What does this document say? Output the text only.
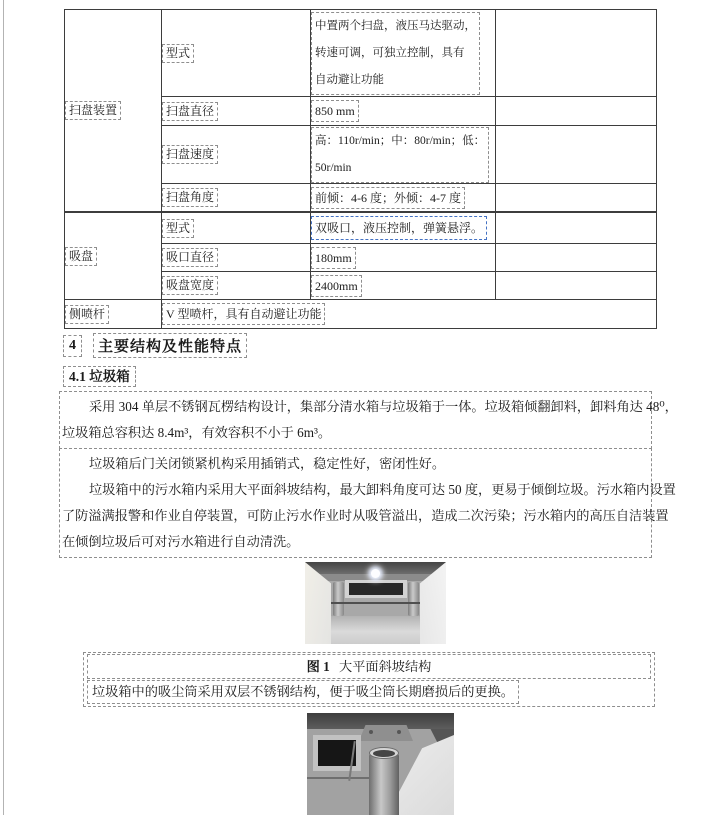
扫盘装置	型式	中置两个扫盘，液压马达驱动，
转速可调，可独立控制，具有
自动避让功能	

	扫盘直径	850 mm	
	扫盘速度	高：110r/min；中：80r/min；低：
50r/min	

	扫盘角度	前倾：4-6 度；外倾：4-7 度	
吸盘	型式	双吸口，液压控制，弹簧悬浮。	
	吸口直径	180mm	
	吸盘宽度	2400mm	
侧喷杆	V 型喷杆，具有自动避让功能		
4	主要结构及性能特点
4.1 垃圾箱
采用 304 单层不锈钢瓦楞结构设计，集部分清水箱与垃圾箱于一体。垃圾箱倾翻卸料，卸料角达 48⁰，
垃圾箱总容积达 8.4m³，有效容积不小于 6m³。
垃圾箱后门关闭锁紧机构采用插销式，稳定性好，密闭性好。
垃圾箱中的污水箱内采用大平面斜坡结构，最大卸料角度可达 50 度，更易于倾倒垃圾。污水箱内设置
了防溢满报警和作业自停装置，可防止污水作业时从吸管溢出，造成二次污染；污水箱内的高压自洁装置
在倾倒垃圾后可对污水箱进行自动清洗。
图 1 大平面斜坡结构
垃圾箱中的吸尘筒采用双层不锈钢结构，便于吸尘筒长期磨损后的更换。
